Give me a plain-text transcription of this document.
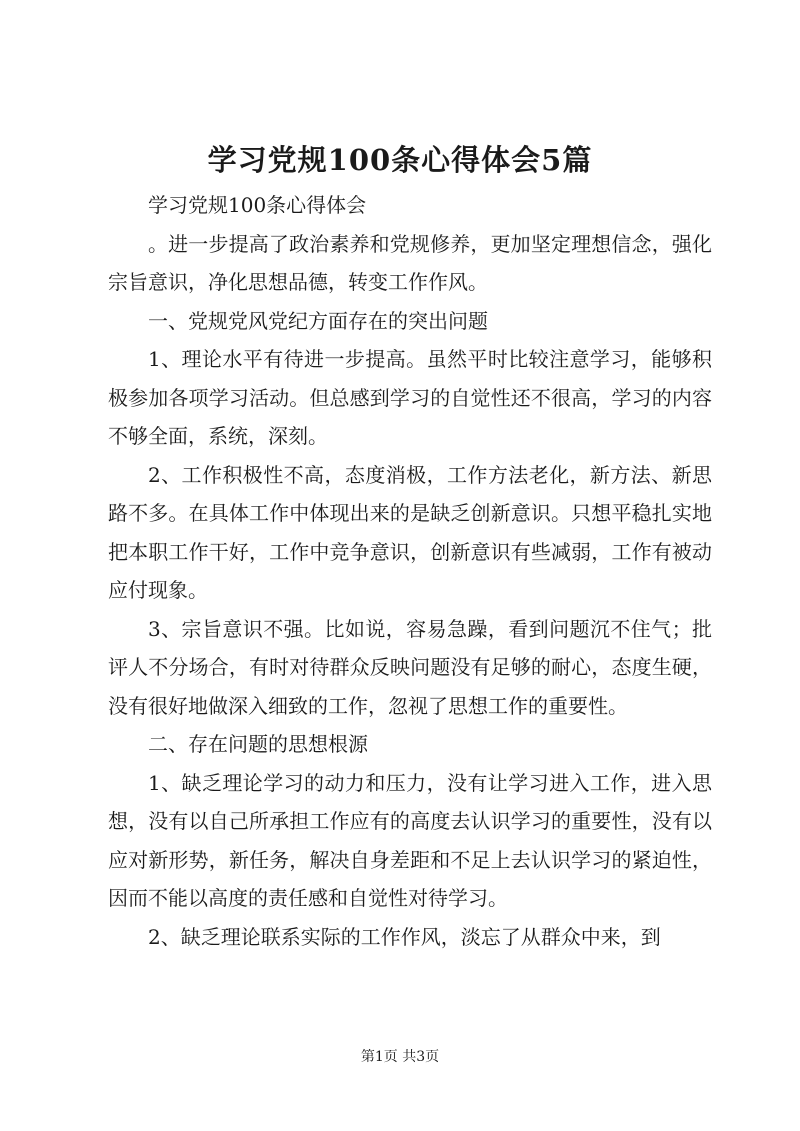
学习党规100条心得体会5篇

学习党规100条心得体会

。进一步提高了政治素养和党规修养，更加坚定理想信念，强化宗旨意识，净化思想品德，转变工作作风。

一、党规党风党纪方面存在的突出问题

1、理论水平有待进一步提高。虽然平时比较注意学习，能够积极参加各项学习活动。但总感到学习的自觉性还不很高，学习的内容不够全面，系统，深刻。

2、工作积极性不高，态度消极，工作方法老化，新方法、新思路不多。在具体工作中体现出来的是缺乏创新意识。只想平稳扎实地把本职工作干好，工作中竞争意识，创新意识有些减弱，工作有被动应付现象。

3、宗旨意识不强。比如说，容易急躁，看到问题沉不住气；批评人不分场合，有时对待群众反映问题没有足够的耐心，态度生硬，没有很好地做深入细致的工作，忽视了思想工作的重要性。

二、存在问题的思想根源

1、缺乏理论学习的动力和压力，没有让学习进入工作，进入思想，没有以自己所承担工作应有的高度去认识学习的重要性，没有以应对新形势，新任务，解决自身差距和不足上去认识学习的紧迫性，因而不能以高度的责任感和自觉性对待学习。

2、缺乏理论联系实际的工作作风，淡忘了从群众中来，到

第1页 共3页
